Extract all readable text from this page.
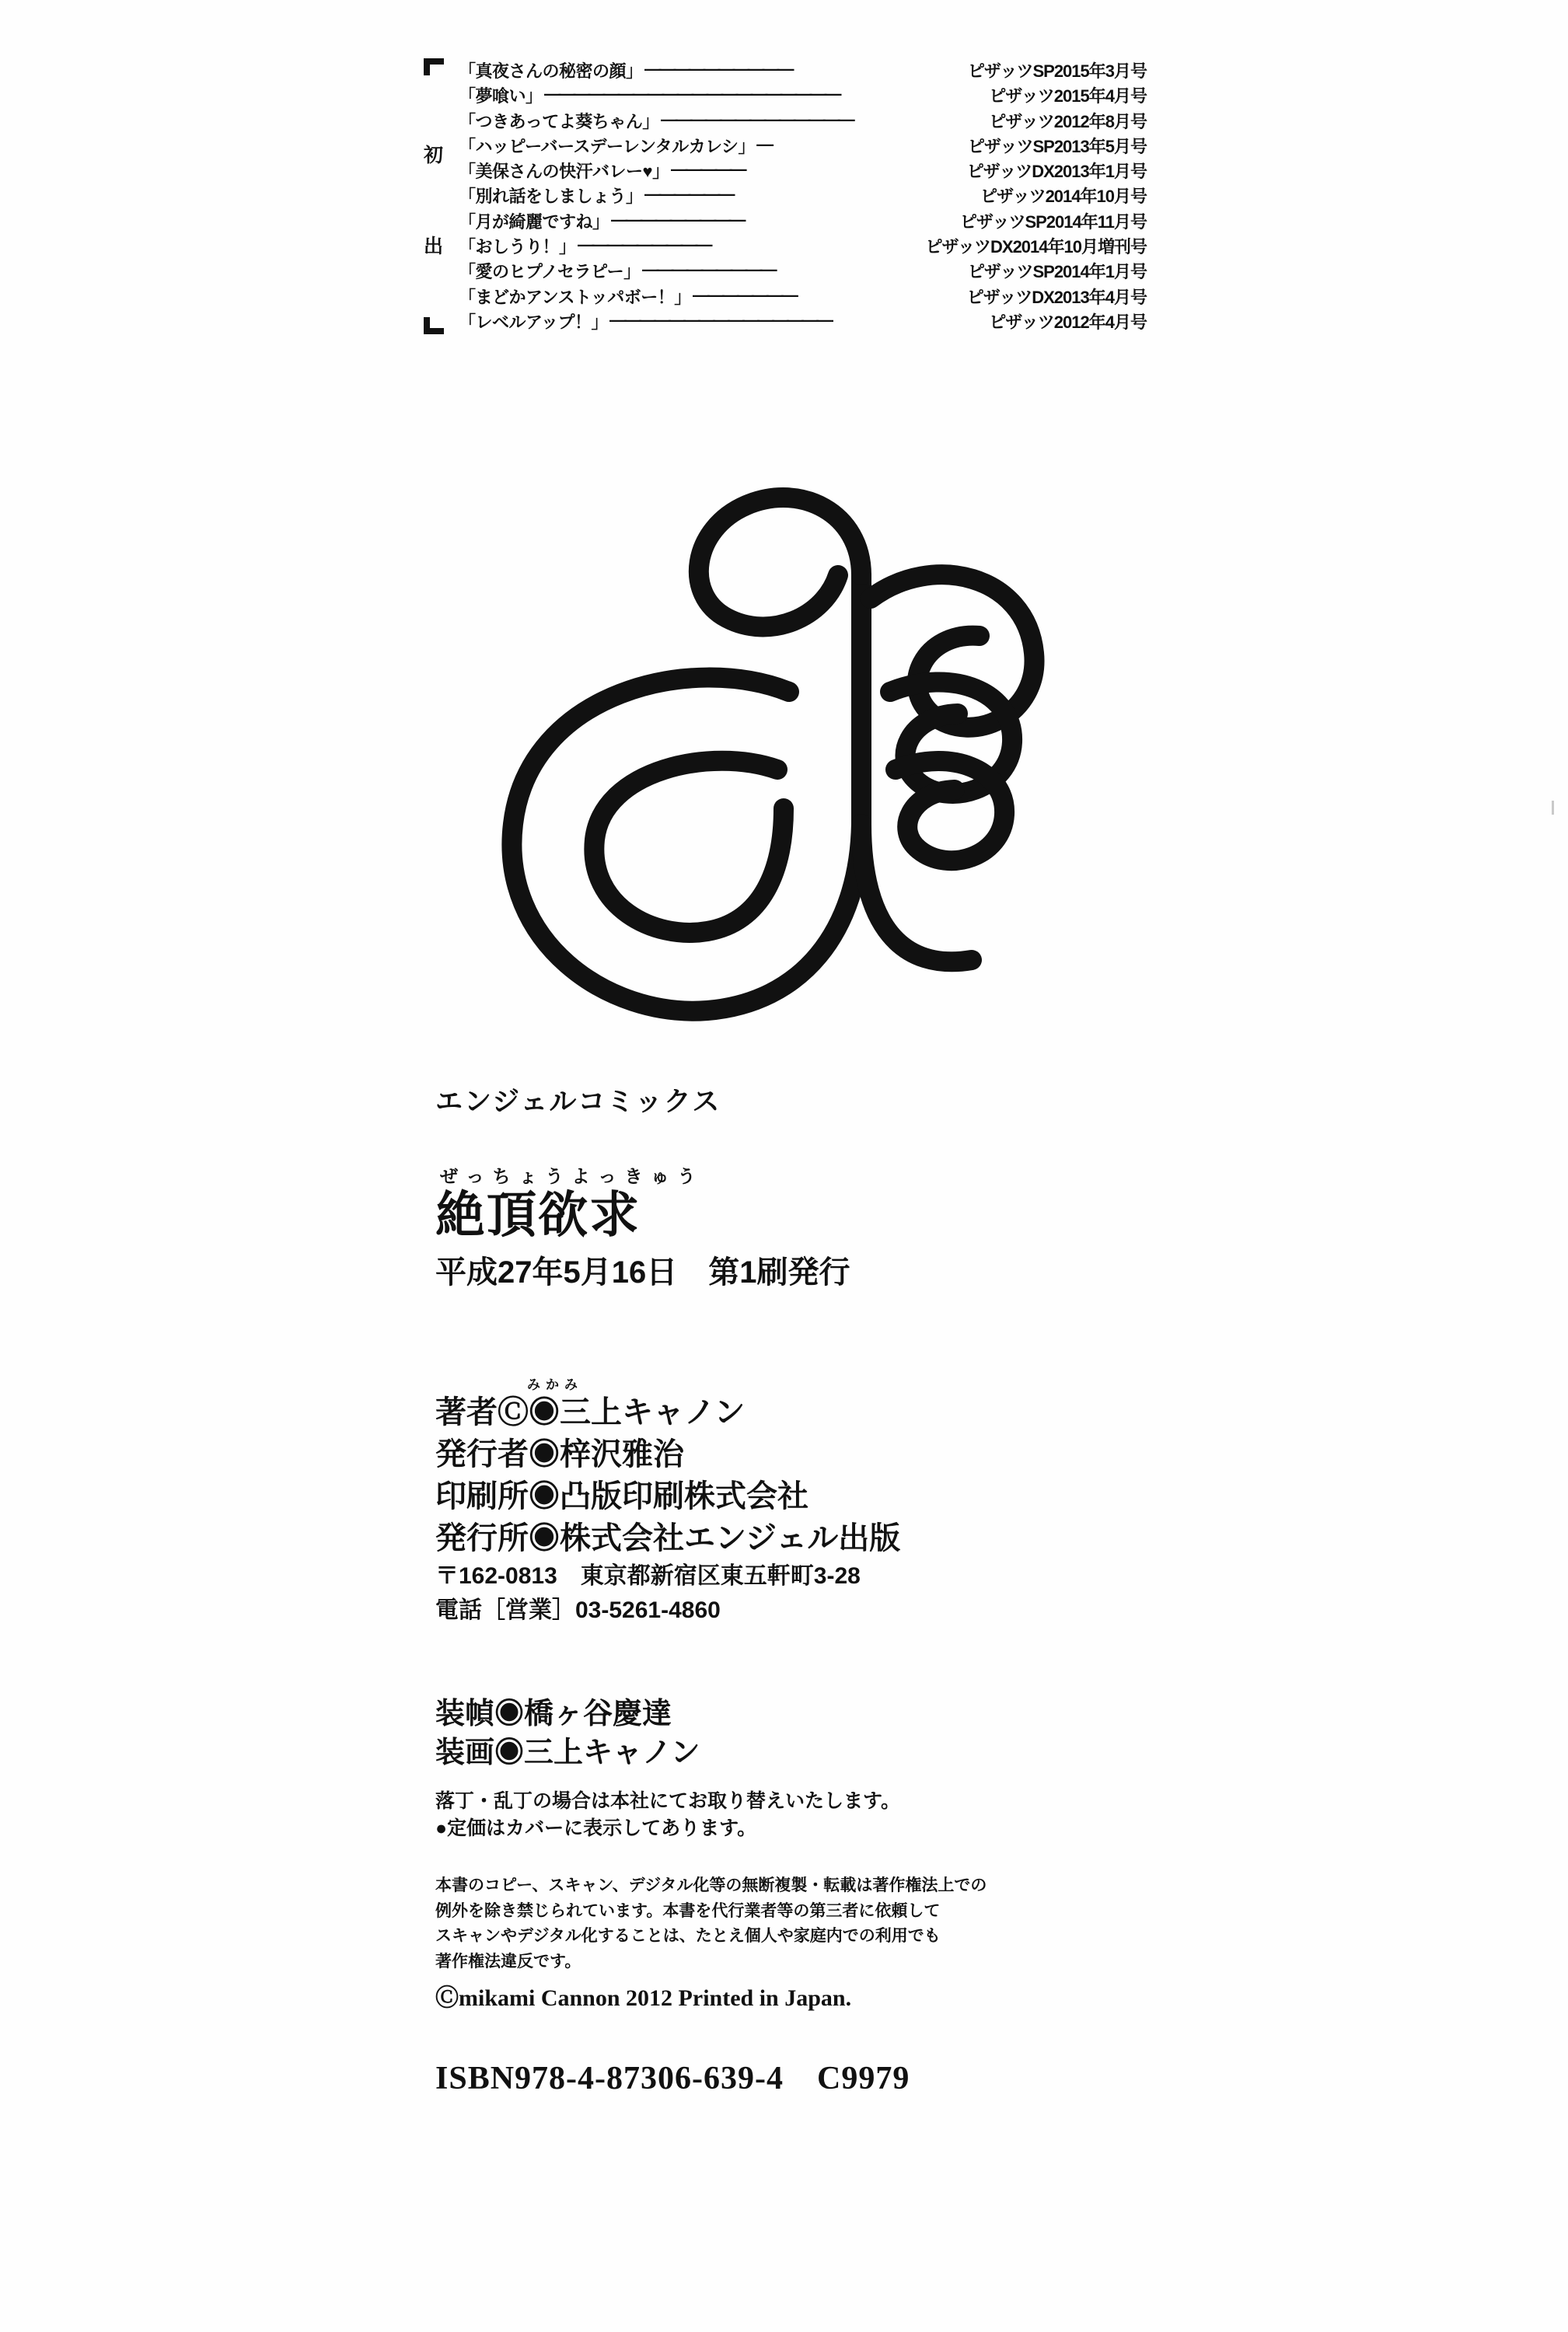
初
出
「真夜さんの秘密の顔」 ——————————	ピザッツSP2015年3月号
「夢喰い」 ————————————————————	ピザッツ2015年4月号
「つきあってよ葵ちゃん」 —————————————	ピザッツ2012年8月号
「ハッピーバースデーレンタルカレシ」 —	ピザッツSP2013年5月号
「美保さんの快汗バレー♥」 —————	ピザッツDX2013年1月号
「別れ話をしましょう」 ——————	ピザッツ2014年10月号
「月が綺麗ですね」 —————————	ピザッツSP2014年11月号
「おしうり！」 —————————	ピザッツDX2014年10月増刊号
「愛のヒプノセラピー」 —————————	ピザッツSP2014年1月号
「まどかアンストッパボー！」 ———————	ピザッツDX2013年4月号
「レベルアップ！」 ———————————————	ピザッツ2012年4月号
エンジェルコミックス
ぜっちょうよっきゅう
絶頂欲求
平成27年5月16日　第1刷発行
みかみ
著者Ⓒ◉三上キャノン
発行者◉梓沢雅治
印刷所◉凸版印刷株式会社
発行所◉株式会社エンジェル出版
〒162-0813　東京都新宿区東五軒町3-28
電話［営業］03-5261-4860
装幀◉橋ヶ谷慶達
装画◉三上キャノン
落丁・乱丁の場合は本社にてお取り替えいたします。
●定価はカバーに表示してあります。
本書のコピー、スキャン、デジタル化等の無断複製・転載は著作権法上での
例外を除き禁じられています。本書を代行業者等の第三者に依頼して
スキャンやデジタル化することは、たとえ個人や家庭内での利用でも
著作権法違反です。
Ⓒmikami Cannon 2012 Printed in Japan.
ISBN978-4-87306-639-4　C9979
